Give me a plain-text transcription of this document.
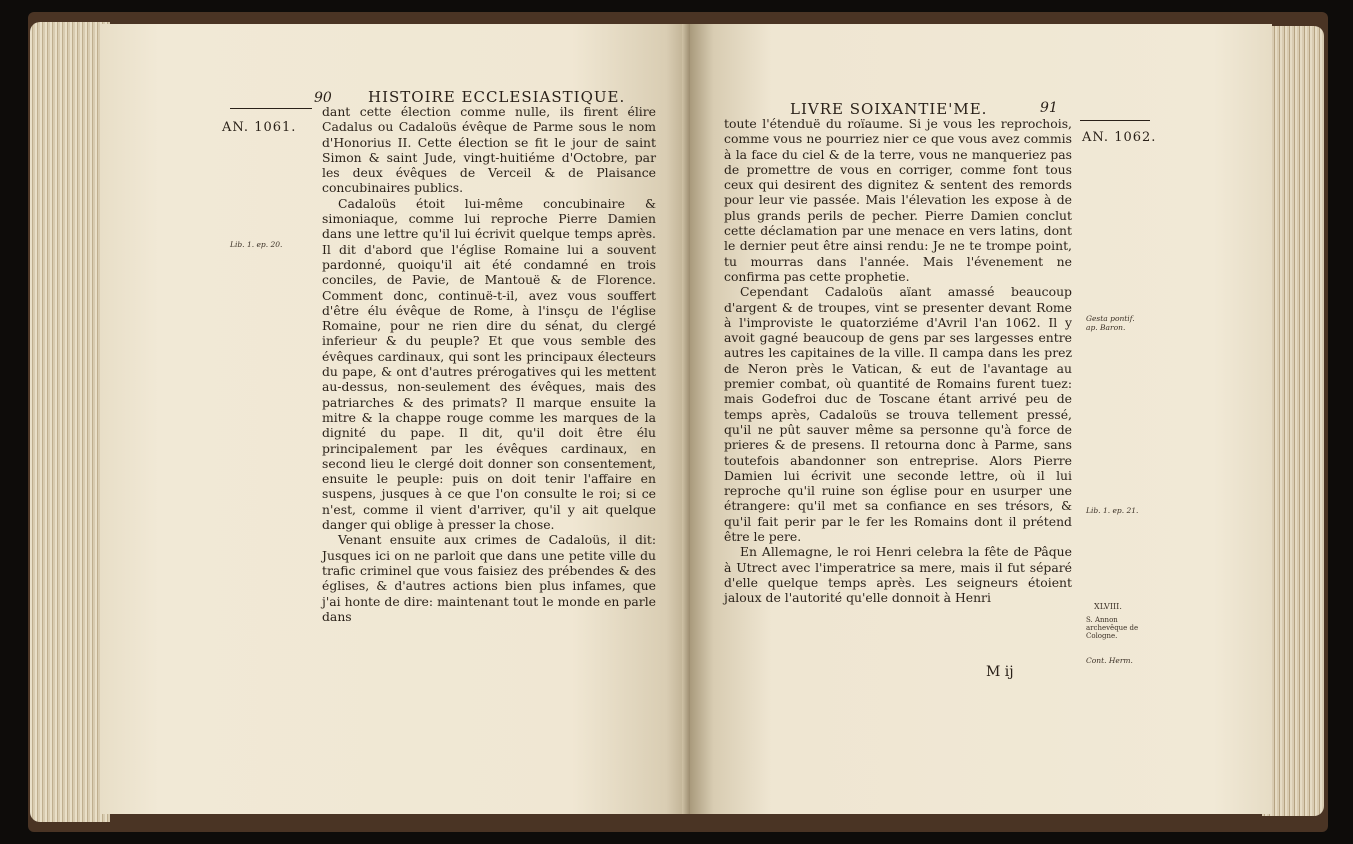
90 HISTOIRE ECCLESIASTIQUE.
AN. 1061.
Lib. 1. ep. 20.

dant cette élection comme nulle, ils firent élire Cadalus ou Cadaloüs évêque de Parme sous le nom d'Honorius II. Cette élection se fit le jour de saint Simon & saint Jude, vingt-huitiéme d'Octobre, par les deux évêques de Verceil & de Plaisance concubinaires publics.

Cadaloüs étoit lui-même concubinaire & simoniaque, comme lui reproche Pierre Damien dans une lettre qu'il lui écrivit quelque temps après. Il dit d'abord que l'église Romaine lui a souvent pardonné, quoiqu'il ait été condamné en trois conciles, de Pavie, de Mantouë & de Florence. Comment donc, continuë-t-il, avez vous souffert d'être élu évêque de Rome, à l'insçu de l'église Romaine, pour ne rien dire du sénat, du clergé inferieur & du peuple? Et que vous semble des évêques cardinaux, qui sont les principaux électeurs du pape, & ont d'autres prérogatives qui les mettent au-dessus, non-seulement des évêques, mais des patriarches & des primats? Il marque ensuite la mitre & la chappe rouge comme les marques de la dignité du pape. Il dit, qu'il doit être élu principalement par les évêques cardinaux, en second lieu le clergé doit donner son consentement, ensuite le peuple: puis on doit tenir l'affaire en suspens, jusques à ce que l'on consulte le roi; si ce n'est, comme il vient d'arriver, qu'il y ait quelque danger qui oblige à presser la chose.

Venant ensuite aux crimes de Cadaloüs, il dit: Jusques ici on ne parloit que dans une petite ville du trafic criminel que vous faisiez des prébendes & des églises, & d'autres actions bien plus infames, que j'ai honte de dire: maintenant tout le monde en parle dans

LIVRE SOIXANTIE'ME.	91
AN. 1062.

toute l'étenduë du roïaume. Si je vous les reprochois, comme vous ne pourriez nier ce que vous avez commis à la face du ciel & de la terre, vous ne manqueriez pas de promettre de vous en corriger, comme font tous ceux qui desirent des dignitez & sentent des remords pour leur vie passée. Mais l'élevation les expose à de plus grands perils de pecher. Pierre Damien conclut cette déclamation par une menace en vers latins, dont le dernier peut être ainsi rendu: Je ne te trompe point, tu mourras dans l'année. Mais l'évenement ne confirma pas cette prophetie.

Cependant Cadaloüs aïant amassé beaucoup d'argent & de troupes, vint se presenter devant Rome à l'improviste le quatorziéme d'Avril l'an 1062. Il y avoit gagné beaucoup de gens par ses largesses entre autres les capitaines de la ville. Il campa dans les prez de Neron près le Vatican, & eut de l'avantage au premier combat, où quantité de Romains furent tuez: mais Godefroi duc de Toscane étant arrivé peu de temps après, Cadaloüs se trouva tellement pressé, qu'il ne pût sauver même sa personne qu'à force de prieres & de presens. Il retourna donc à Parme, sans toutefois abandonner son entreprise. Alors Pierre Damien lui écrivit une seconde lettre, où il lui reproche qu'il ruine son église pour en usurper une étrangere: qu'il met sa confiance en ses trésors, & qu'il fait perir par le fer les Romains dont il prétend être le pere.

En Allemagne, le roi Henri celebra la fête de Pâque à Utrect avec l'imperatrice sa mere, mais il fut séparé d'elle quelque temps après. Les seigneurs étoient jaloux de l'autorité qu'elle donnoit à Henri

Gesta pontif. ap. Baron.
Lib. 1. ep. 21.
XLVIII.
S. Annon archevêque de Cologne.
Cont. Herm.
M ij
